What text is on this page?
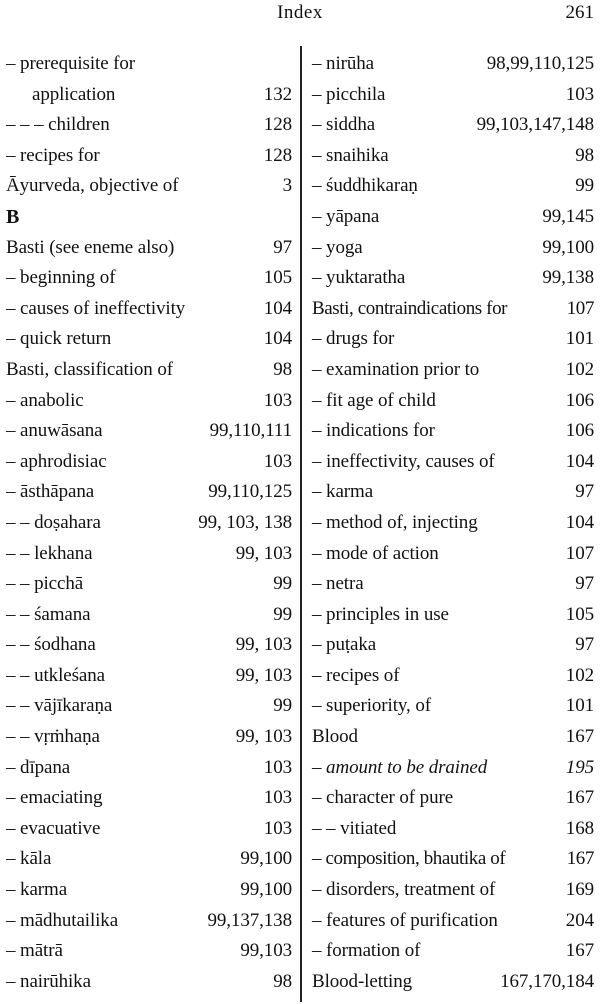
Index	261
– prerequisite for
application	132
– – – children	128
– recipes for	128
Āyurveda, objective of	3
B
Basti (see eneme also)	97
– beginning of	105
– causes of ineffectivity	104
– quick return	104
Basti, classification of	98
– anabolic	103
– anuwāsana	99,110,111
– aphrodisiac	103
– āsthāpana	99,110,125
– – doṣahara	99, 103, 138
– – lekhana	99, 103
– – picchā	99
– – śamana	99
– – śodhana	99, 103
– – utkleśana	99, 103
– – vājīkaraṇa	99
– – vṛṁhaṇa	99, 103
– dīpana	103
– emaciating	103
– evacuative	103
– kāla	99,100
– karma	99,100
– mādhutailika	99,137,138
– mātrā	99,103
– nairūhika	98
– nirūha	98,99,110,125
– picchila	103
– siddha	99,103,147,148
– snaihika	98
– śuddhikaraṇ	99
– yāpana	99,145
– yoga	99,100
– yuktaratha	99,138
Basti, contraindications for	107
– drugs for	101
– examination prior to	102
– fit age of child	106
– indications for	106
– ineffectivity, causes of	104
– karma	97
– method of, injecting	104
– mode of action	107
– netra	97
– principles in use	105
– puṭaka	97
– recipes of	102
– superiority, of	101
Blood	167
– amount to be drained	195
– character of pure	167
– – vitiated	168
– composition, bhautika of	167
– disorders, treatment of	169
– features of purification	204
– formation of	167
Blood-letting	167,170,184
